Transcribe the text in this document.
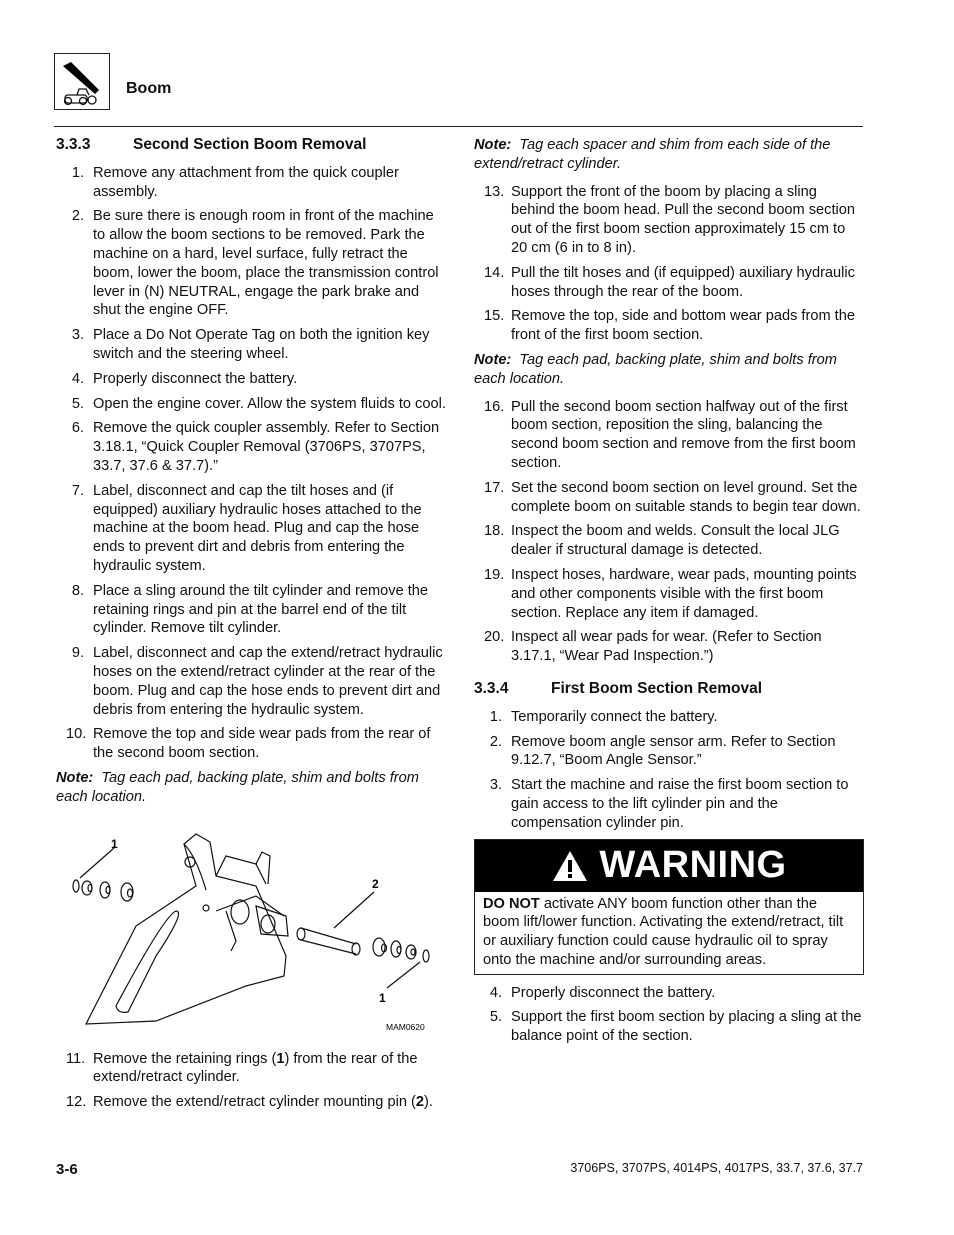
Boom
3.3.3	Second Section Boom Removal
1. Remove any attachment from the quick coupler assembly.
2. Be sure there is enough room in front of the machine to allow the boom sections to be removed. Park the machine on a hard, level surface, fully retract the boom, lower the boom, place the transmission control lever in (N) NEUTRAL, engage the park brake and shut the engine OFF.
3. Place a Do Not Operate Tag on both the ignition key switch and the steering wheel.
4. Properly disconnect the battery.
5. Open the engine cover. Allow the system fluids to cool.
6. Remove the quick coupler assembly. Refer to Section 3.18.1, “Quick Coupler Removal (3706PS, 3707PS, 33.7, 37.6 & 37.7).”
7. Label, disconnect and cap the tilt hoses and (if equipped) auxiliary hydraulic hoses attached to the machine at the boom head. Plug and cap the hose ends to prevent dirt and debris from entering the hydraulic system.
8. Place a sling around the tilt cylinder and remove the retaining rings and pin at the barrel end of the tilt cylinder. Remove tilt cylinder.
9. Label, disconnect and cap the extend/retract hydraulic hoses on the extend/retract cylinder at the rear of the boom. Plug and cap the hose ends to prevent dirt and debris from entering the hydraulic system.
10. Remove the top and side wear pads from the rear of the second boom section.
Note: Tag each pad, backing plate, shim and bolts from each location.
1
2
1
MAM0620
11. Remove the retaining rings (1) from the rear of the extend/retract cylinder.
12. Remove the extend/retract cylinder mounting pin (2).
Note: Tag each spacer and shim from each side of the extend/retract cylinder.
13. Support the front of the boom by placing a sling behind the boom head. Pull the second boom section out of the first boom section approximately 15 cm to 20 cm (6 in to 8 in).
14. Pull the tilt hoses and (if equipped) auxiliary hydraulic hoses through the rear of the boom.
15. Remove the top, side and bottom wear pads from the front of the first boom section.
Note: Tag each pad, backing plate, shim and bolts from each location.
16. Pull the second boom section halfway out of the first boom section, reposition the sling, balancing the second boom section and remove from the first boom section.
17. Set the second boom section on level ground. Set the complete boom on suitable stands to begin tear down.
18. Inspect the boom and welds. Consult the local JLG dealer if structural damage is detected.
19. Inspect hoses, hardware, wear pads, mounting points and other components visible with the first boom section. Replace any item if damaged.
20. Inspect all wear pads for wear. (Refer to Section 3.17.1, “Wear Pad Inspection.”)
3.3.4	First Boom Section Removal
1. Temporarily connect the battery.
2. Remove boom angle sensor arm. Refer to Section 9.12.7, “Boom Angle Sensor.”
3. Start the machine and raise the first boom section to gain access to the lift cylinder pin and the compensation cylinder pin.
WARNING
DO NOT activate ANY boom function other than the boom lift/lower function. Activating the extend/retract, tilt or auxiliary function could cause hydraulic oil to spray onto the machine and/or surrounding areas.
4. Properly disconnect the battery.
5. Support the first boom section by placing a sling at the balance point of the section.
3-6	3706PS, 3707PS, 4014PS, 4017PS, 33.7, 37.6, 37.7
